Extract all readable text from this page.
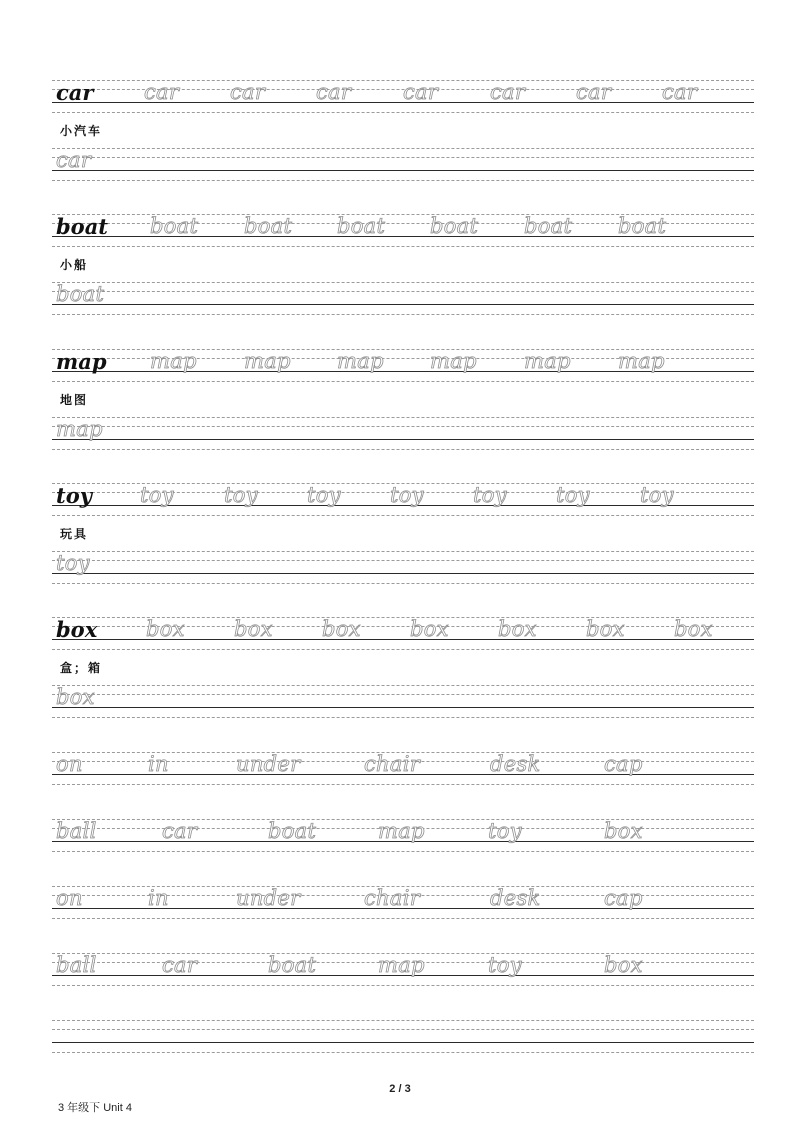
car car car car car car car car
小汽车
car
boat boat boat boat boat boat boat
小船
boat
map map map map map map map
地图
map
toy toy toy toy toy toy toy toy
玩具
toy
box box box box box box box box
盒；箱
box
on	in	under	chair	desk	cap
ball	car	boat	map	toy	box
on	in	under	chair	desk	cap
ball	car	boat	map	toy	box
2 / 3
3 年级下 Unit 4
